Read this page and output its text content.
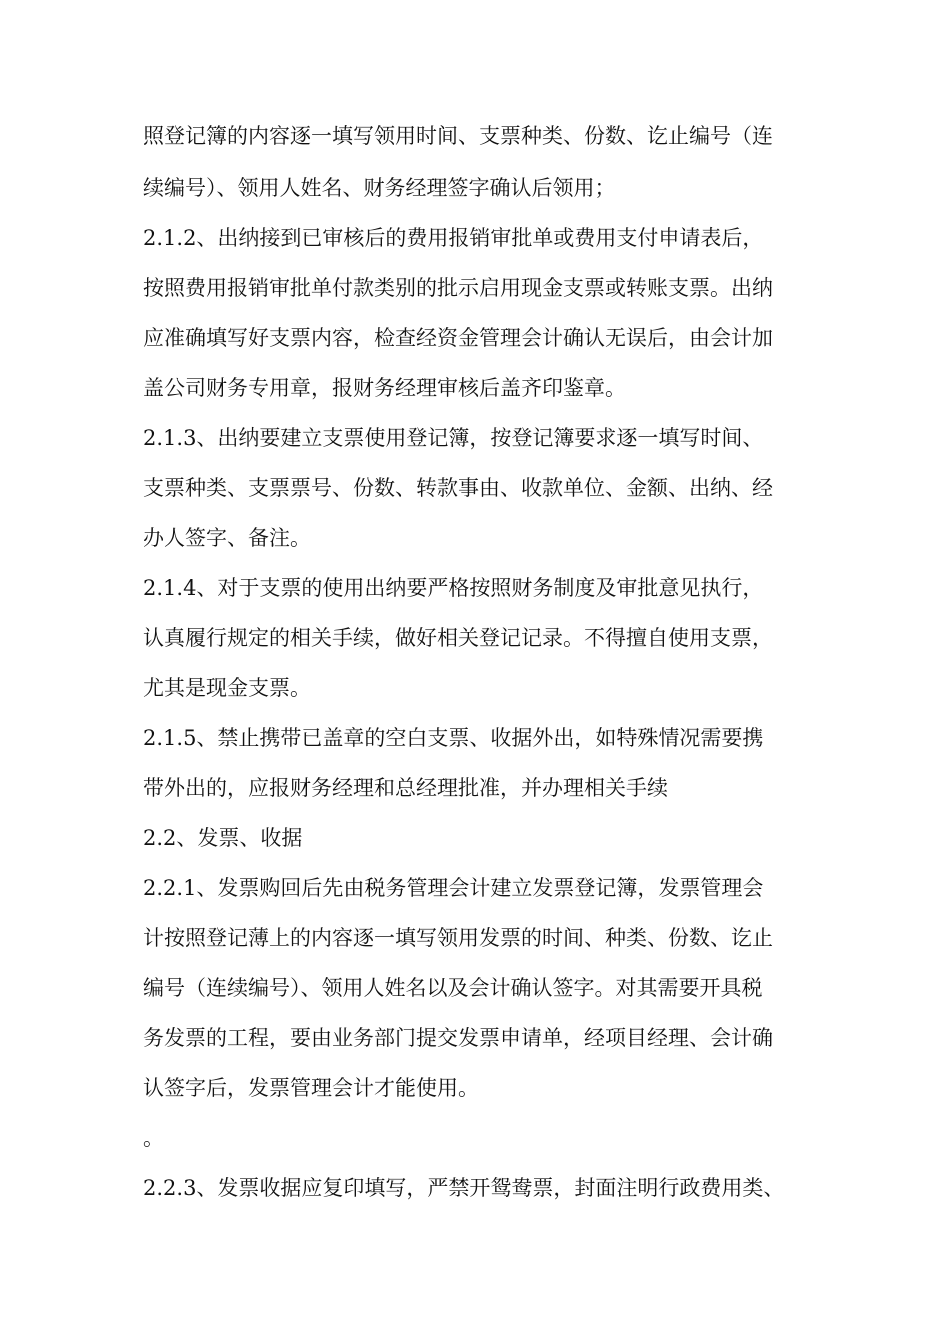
照登记簿的内容逐一填写领用时间、支票种类、份数、讫止编号（连
续编号）、领用人姓名、财务经理签字确认后领用；
2.1.2、出纳接到已审核后的费用报销审批单或费用支付申请表后，
按照费用报销审批单付款类别的批示启用现金支票或转账支票。出纳
应准确填写好支票内容，检查经资金管理会计确认无误后，由会计加
盖公司财务专用章，报财务经理审核后盖齐印鉴章。
2.1.3、出纳要建立支票使用登记簿，按登记簿要求逐一填写时间、
支票种类、支票票号、份数、转款事由、收款单位、金额、出纳、经
办人签字、备注。
2.1.4、对于支票的使用出纳要严格按照财务制度及审批意见执行，
认真履行规定的相关手续，做好相关登记记录。不得擅自使用支票，
尤其是现金支票。
2.1.5、禁止携带已盖章的空白支票、收据外出，如特殊情况需要携
带外出的，应报财务经理和总经理批准，并办理相关手续
2.2、发票、收据
2.2.1、发票购回后先由税务管理会计建立发票登记簿，发票管理会
计按照登记薄上的内容逐一填写领用发票的时间、种类、份数、讫止
编号（连续编号）、领用人姓名以及会计确认签字。对其需要开具税
务发票的工程，要由业务部门提交发票申请单，经项目经理、会计确
认签字后，发票管理会计才能使用。
。
2.2.3、发票收据应复印填写，严禁开鸳鸯票，封面注明行政费用类、
